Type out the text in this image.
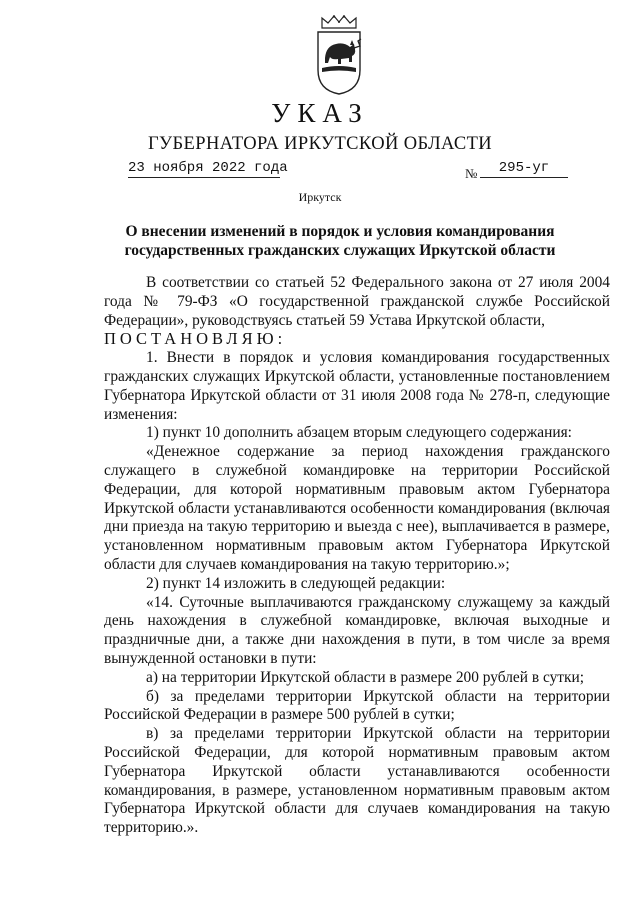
УКАЗ
ГУБЕРНАТОРА ИРКУТСКОЙ ОБЛАСТИ
23 ноября 2022 года	№	295-уг
Иркутск
О внесении изменений в порядок и условия командирования государственных гражданских служащих Иркутской области

В соответствии со статьей 52 Федерального закона от 27 июля 2004 года № 79-ФЗ «О государственной гражданской службе Российской Федерации», руководствуясь статьей 59 Устава Иркутской области,

ПОСТАНОВЛЯЮ:

1. Внести в порядок и условия командирования государственных гражданских служащих Иркутской области, установленные постановлением Губернатора Иркутской области от 31 июля 2008 года № 278-п, следующие изменения:

1) пункт 10 дополнить абзацем вторым следующего содержания:

«Денежное содержание за период нахождения гражданского служащего в служебной командировке на территории Российской Федерации, для которой нормативным правовым актом Губернатора Иркутской области устанавливаются особенности командирования (включая дни приезда на такую территорию и выезда с нее), выплачивается в размере, установленном нормативным правовым актом Губернатора Иркутской области для случаев командирования на такую территорию.»;

2) пункт 14 изложить в следующей редакции:

«14. Суточные выплачиваются гражданскому служащему за каждый день нахождения в служебной командировке, включая выходные и праздничные дни, а также дни нахождения в пути, в том числе за время вынужденной остановки в пути:

а) на территории Иркутской области в размере 200 рублей в сутки;

б) за пределами территории Иркутской области на территории Российской Федерации в размере 500 рублей в сутки;

в) за пределами территории Иркутской области на территории Российской Федерации, для которой нормативным правовым актом Губернатора Иркутской области устанавливаются особенности командирования, в размере, установленном нормативным правовым актом Губернатора Иркутской области для случаев командирования на такую территорию.».
